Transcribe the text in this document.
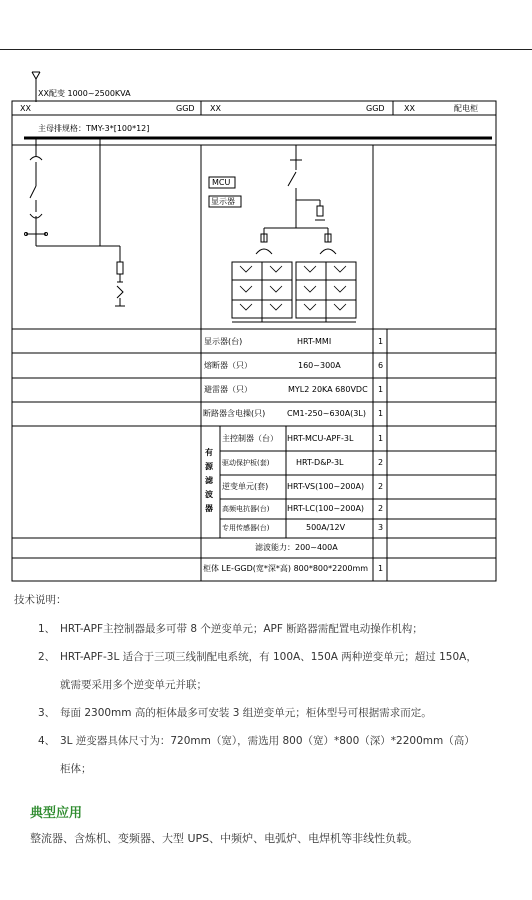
XX配变 1000~2500KVA
XX	GGD XX	GGD XX	配电柜
主母排规格：TMY-3*[100*12]
MCU
显示器
显示器(台)	HRT-MMI	1
熔断器（只）	160~300A	6
避雷器（只）	MYL2 20KA 680VDC 1
断路器含电操(只)	CM1-250~630A(3L) 1
有源滤波器
主控制器（台） HRT-MCU-APF-3L	1
驱动保护板(套)	HRT-D&P-3L	2
逆变单元(套) HRT-VS(100~200A) 2
高频电抗器(台) HRT-LC(100~200A) 2
专用传感器(台)	500A/12V	3
滤波能力：200~400A
柜体 LE-GGD(宽*深*高) 800*800*2200mm 1
技术说明：
1、 HRT-APF主控制器最多可带 8 个逆变单元；APF 断路器需配置电动操作机构；
2、 HRT-APF-3L 适合于三项三线制配电系统，有 100A、150A 两种逆变单元；超过 150A，
就需要采用多个逆变单元并联；
3、 每面 2300mm 高的柜体最多可安装 3 组逆变单元；柜体型号可根据需求而定。
4、 3L 逆变器具体尺寸为：720mm（宽），需选用 800（宽）*800（深）*2200mm（高）
柜体；
典型应用
整流器、含炼机、变频器、大型 UPS、中频炉、电弧炉、电焊机等非线性负载。
